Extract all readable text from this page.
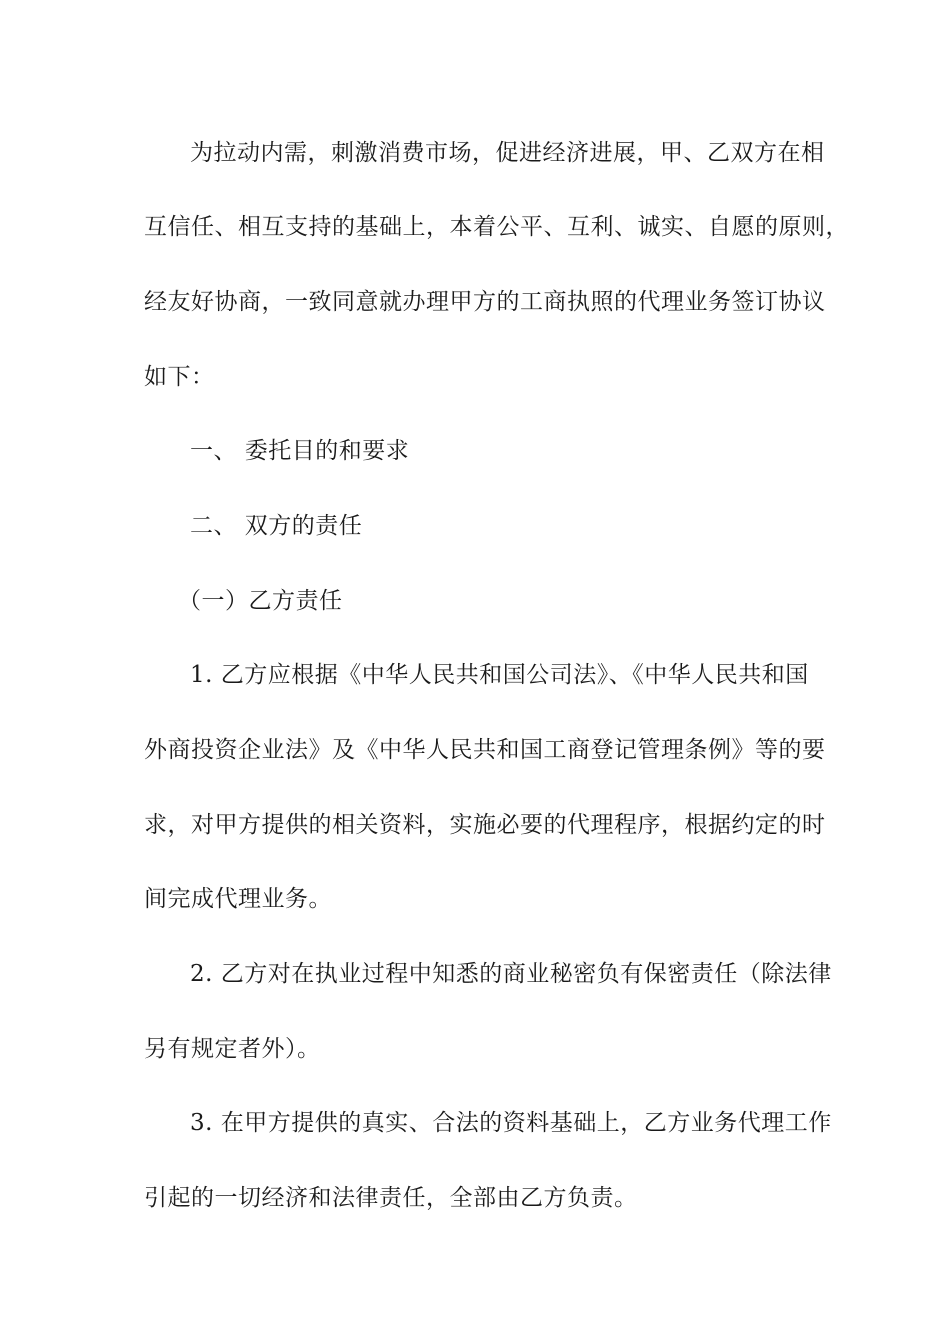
为拉动内需，刺激消费市场，促进经济进展，甲、乙双方在相
互信任、相互支持的基础上，本着公平、互利、诚实、自愿的原则，
经友好协商，一致同意就办理甲方的工商执照的代理业务签订协议
如下：
一、 委托目的和要求
二、 双方的责任
（一）乙方责任
1. 乙方应根据《中华人民共和国公司法》、《中华人民共和国
外商投资企业法》及《中华人民共和国工商登记管理条例》等的要
求，对甲方提供的相关资料，实施必要的代理程序，根据约定的时
间完成代理业务。
2. 乙方对在执业过程中知悉的商业秘密负有保密责任（除法律
另有规定者外）。
3. 在甲方提供的真实、合法的资料基础上，乙方业务代理工作
引起的一切经济和法律责任，全部由乙方负责。
